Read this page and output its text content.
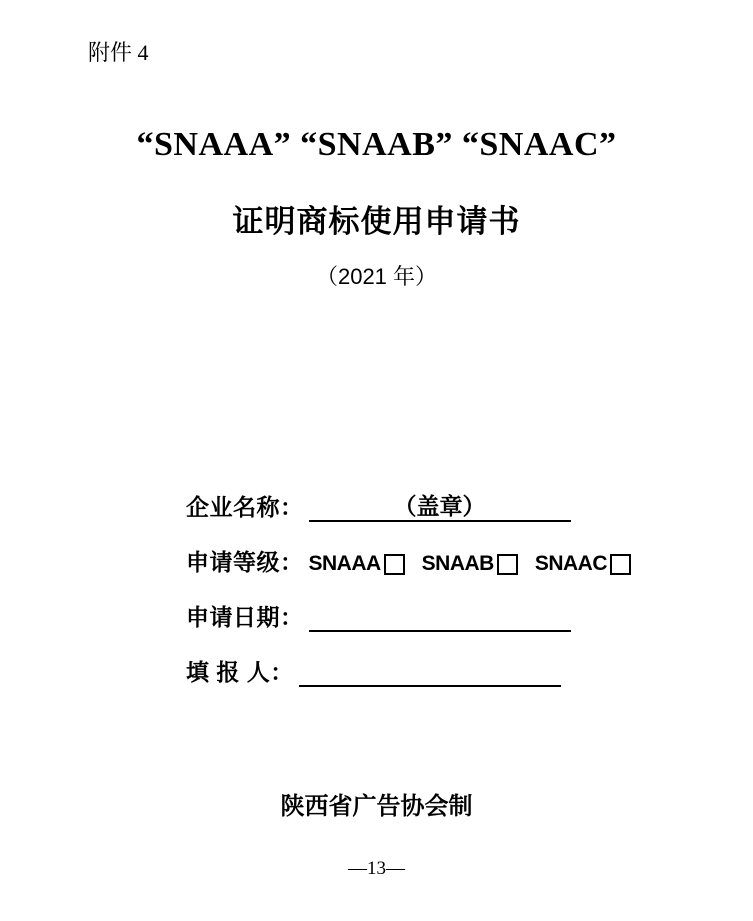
附件 4
“SNAAA” “SNAAB” “SNAAC”
证明商标使用申请书
（2021 年）
企业名称：	（盖章）
申请等级： SNAAA SNAAB SNAAC
申请日期：
填 报 人：
陕西省广告协会制
—13—
